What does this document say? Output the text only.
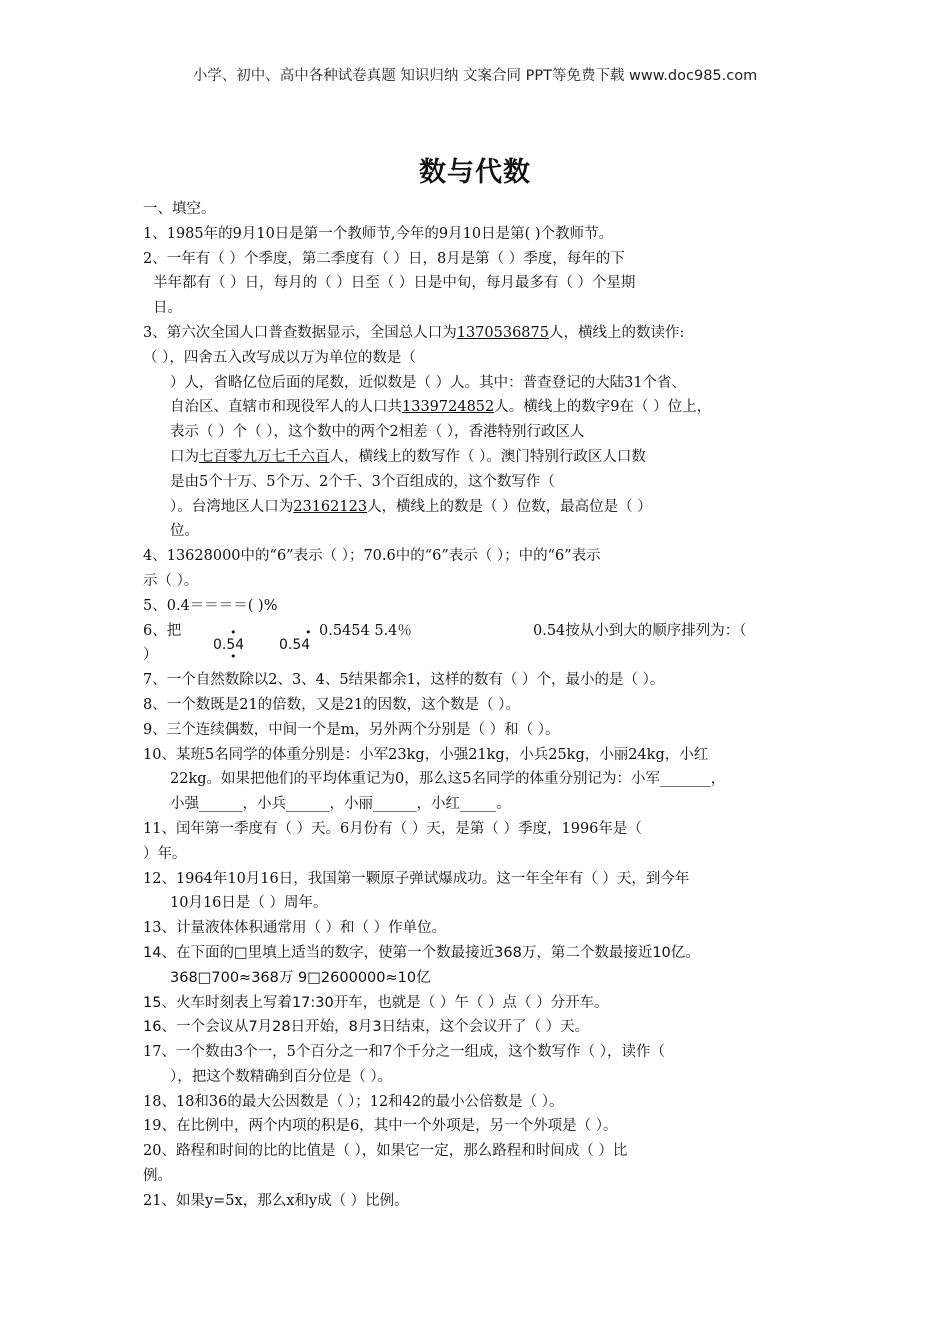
小学、初中、高中各种试卷真题 知识归纳 文案合同 PPT等免费下载 www.doc985.com
数与代数
一、填空。
1、1985年的9月10日是第一个教师节,今年的9月10日是第( )个教师节。
2、一年有（ ）个季度，第二季度有（ ）日，8月是第（ ）季度，每年的下
半年都有（ ）日，每月的（ ）日至（ ）日是中旬，每月最多有（ ）个星期
日。
3、第六次全国人口普查数据显示，全国总人口为1370536875人，横线上的数读作:
（ ），四舍五入改写成以万为单位的数是（
）人，省略亿位后面的尾数，近似数是（ ）人。其中：普查登记的大陆31个省、
自治区、直辖市和现役军人的人口共1339724852人。横线上的数字9在（ ）位上，
表示（ ）个（ ），这个数中的两个2相差（ ），香港特别行政区人
口为七百零九万七千六百人，横线上的数写作（ ）。澳门特别行政区人口数
是由5个十万、5个万、2个千、3个百组成的，这个数写作（
）。台湾地区人口为23162123人，横线上的数是（ ）位数，最高位是（ ）
位。
4、13628000中的“6”表示（ ）；70.6中的“6”表示（ ）；中的“6”表示
示（ ）。
5、0.4＝＝＝＝( )%
6、把	• •
0.54
•
0.54
0.5454 5.4％	0.54按从小到大的顺序排列为：（
）
7、一个自然数除以2、3、4、5结果都余1，这样的数有（ ）个，最小的是（ ）。
8、一个数既是21的倍数，又是21的因数，这个数是（ ）。
9、三个连续偶数，中间一个是m，另外两个分别是（ ）和（ ）。
10、某班5名同学的体重分别是：小军23kg，小强21kg，小兵25kg，小丽24kg，小红
22kg。如果把他们的平均体重记为0，那么这5名同学的体重分别记为：小军_______，
小强______，小兵______，小丽______，小红_____。
11、闰年第一季度有（ ）天。6月份有（ ）天，是第（ ）季度，1996年是（
）年。
12、1964年10月16日，我国第一颗原子弹试爆成功。这一年全年有（ ）天，到今年
10月16日是（ ）周年。
13、计量液体体积通常用（ ）和（ ）作单位。
14、在下面的□里填上适当的数字，使第一个数最接近368万，第二个数最接近10亿。
368□700≈368万 9□2600000≈10亿
15、火车时刻表上写着17:30开车，也就是（ ）午（ ）点（ ）分开车。
16、一个会议从7月28日开始，8月3日结束，这个会议开了（ ）天。
17、一个数由3个一，5个百分之一和7个千分之一组成，这个数写作（ ），读作（
），把这个数精确到百分位是（ ）。
18、18和36的最大公因数是（ ）；12和42的最小公倍数是（ ）。
19、在比例中，两个内项的积是6，其中一个外项是，另一个外项是（ ）。
20、路程和时间的比的比值是（ ），如果它一定，那么路程和时间成（ ）比
例。
21、如果y=5x，那么x和y成（ ）比例。
